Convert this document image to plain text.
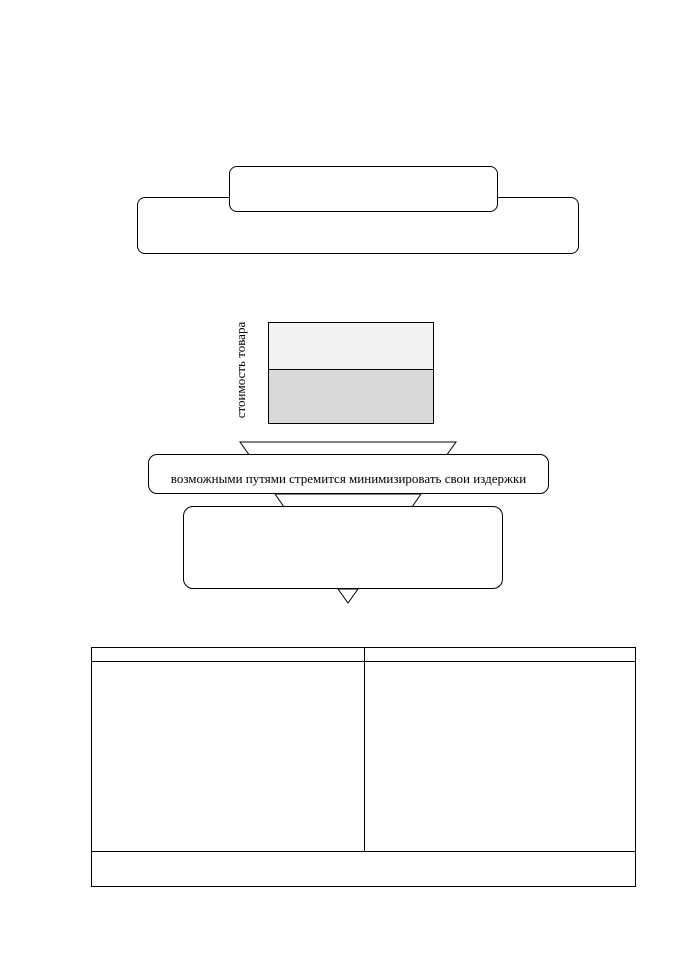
стоимость товара
возможными путями стремится минимизировать свои издержки
